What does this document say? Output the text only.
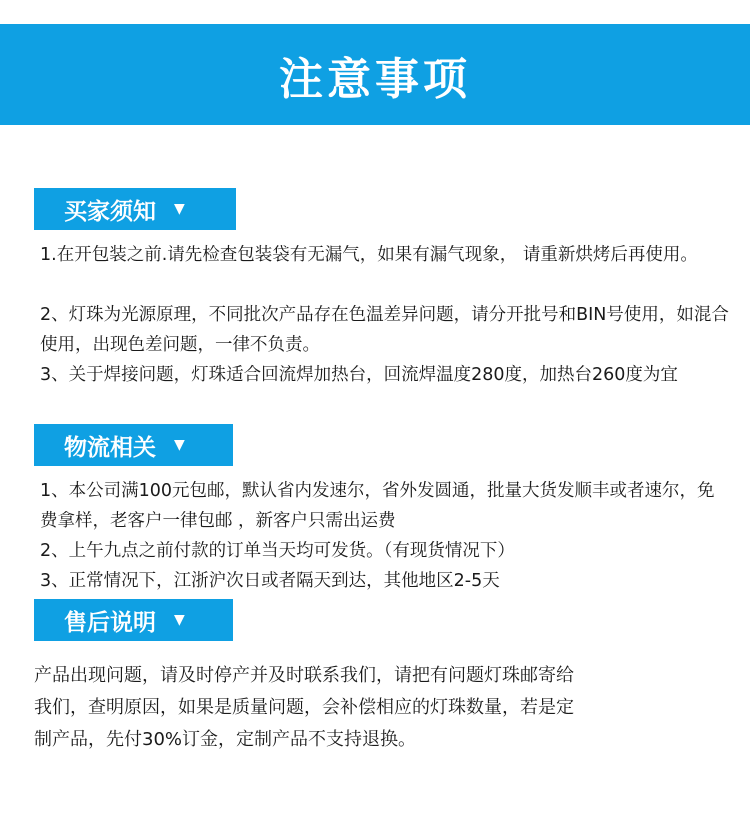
注意事项
买家须知 ▼

1.在开包装之前.请先检查包装袋有无漏气，如果有漏气现象， 请重新烘烤后再使用。

2、灯珠为光源原理，不同批次产品存在色温差异问题，请分开批号和BIN号使用，如混合使用，出现色差问题，一律不负责。

3、关于焊接问题，灯珠适合回流焊加热台，回流焊温度280度，加热台260度为宜

物流相关 ▼

1、本公司满100元包邮，默认省内发速尔，省外发圆通，批量大货发顺丰或者速尔，免费拿样，老客户一律包邮 ，新客户只需出运费

2、上午九点之前付款的订单当天均可发货。（有现货情况下）

3、正常情况下，江浙沪次日或者隔天到达，其他地区2-5天

售后说明 ▼

产品出现问题，请及时停产并及时联系我们，请把有问题灯珠邮寄给我们，查明原因，如果是质量问题，会补偿相应的灯珠数量，若是定制产品，先付30%订金，定制产品不支持退换。
